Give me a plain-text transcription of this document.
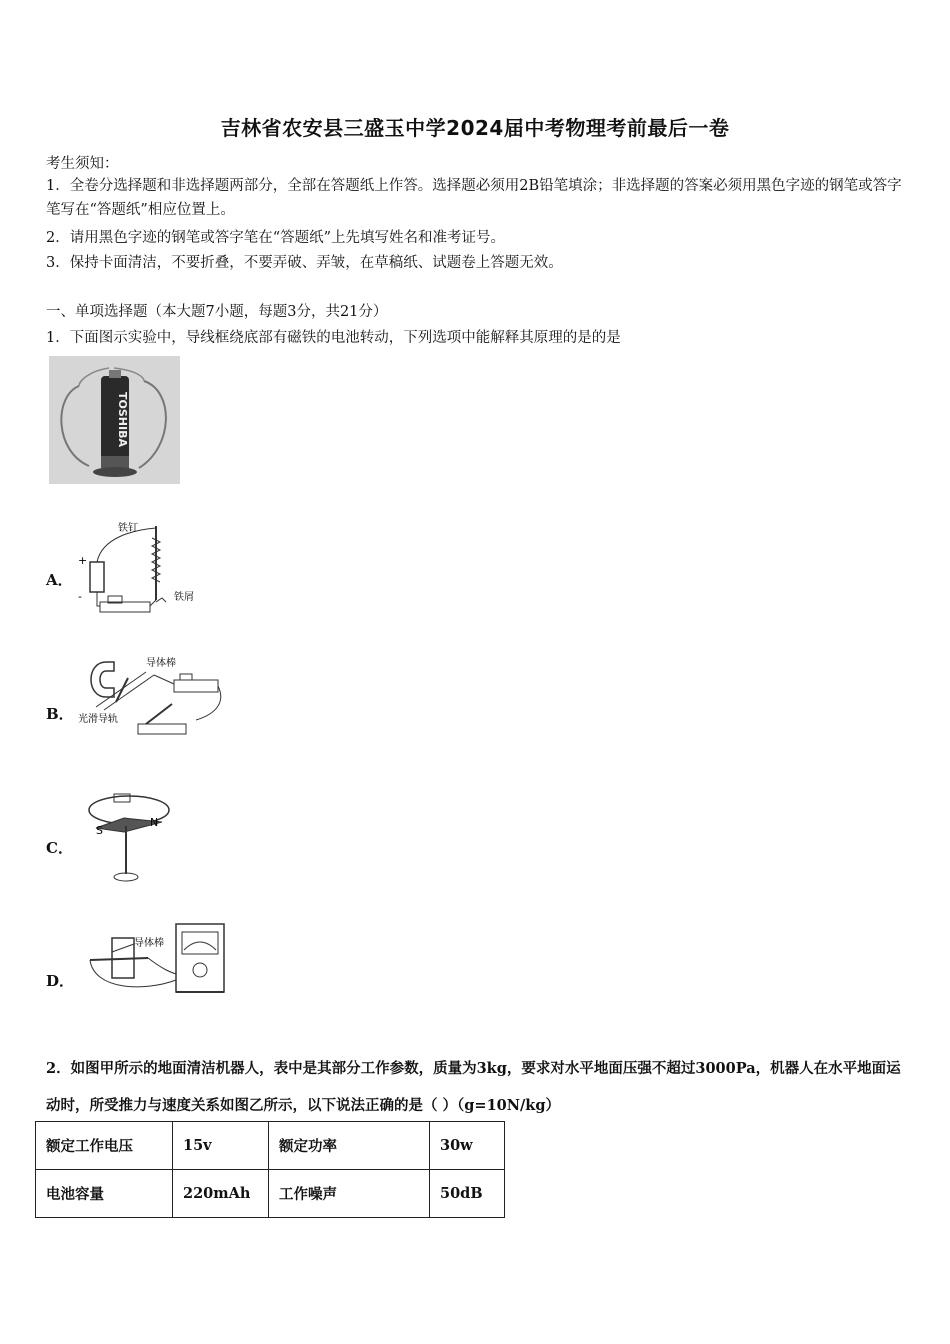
吉林省农安县三盛玉中学2024届中考物理考前最后一卷
考生须知：
1．全卷分选择题和非选择题两部分，全部在答题纸上作答。选择题必须用2B铅笔填涂；非选择题的答案必须用黑色字迹的钢笔或答字笔写在“答题纸”相应位置上。
2．请用黑色字迹的钢笔或答字笔在“答题纸”上先填写姓名和准考证号。
3．保持卡面清洁，不要折叠，不要弄破、弄皱，在草稿纸、试题卷上答题无效。
一、单项选择题（本大题7小题，每题3分，共21分）
1．下面图示实验中，导线框绕底部有磁铁的电池转动，下列选项中能解释其原理的是的是
TOSHIBA
A．
+
-
铁钉
铁屑
B．
导体棒
光滑导轨
C．
S
N
D．
导体棒
2．如图甲所示的地面清洁机器人，表中是其部分工作参数，质量为3kg，要求对水平地面压强不超过3000Pa，机器人在水平地面运动时，所受推力与速度关系如图乙所示，以下说法正确的是（ ）（g=10N/kg）
额定工作电压	15v	额定功率	30w
电池容量	220mAh	工作噪声	50dB
